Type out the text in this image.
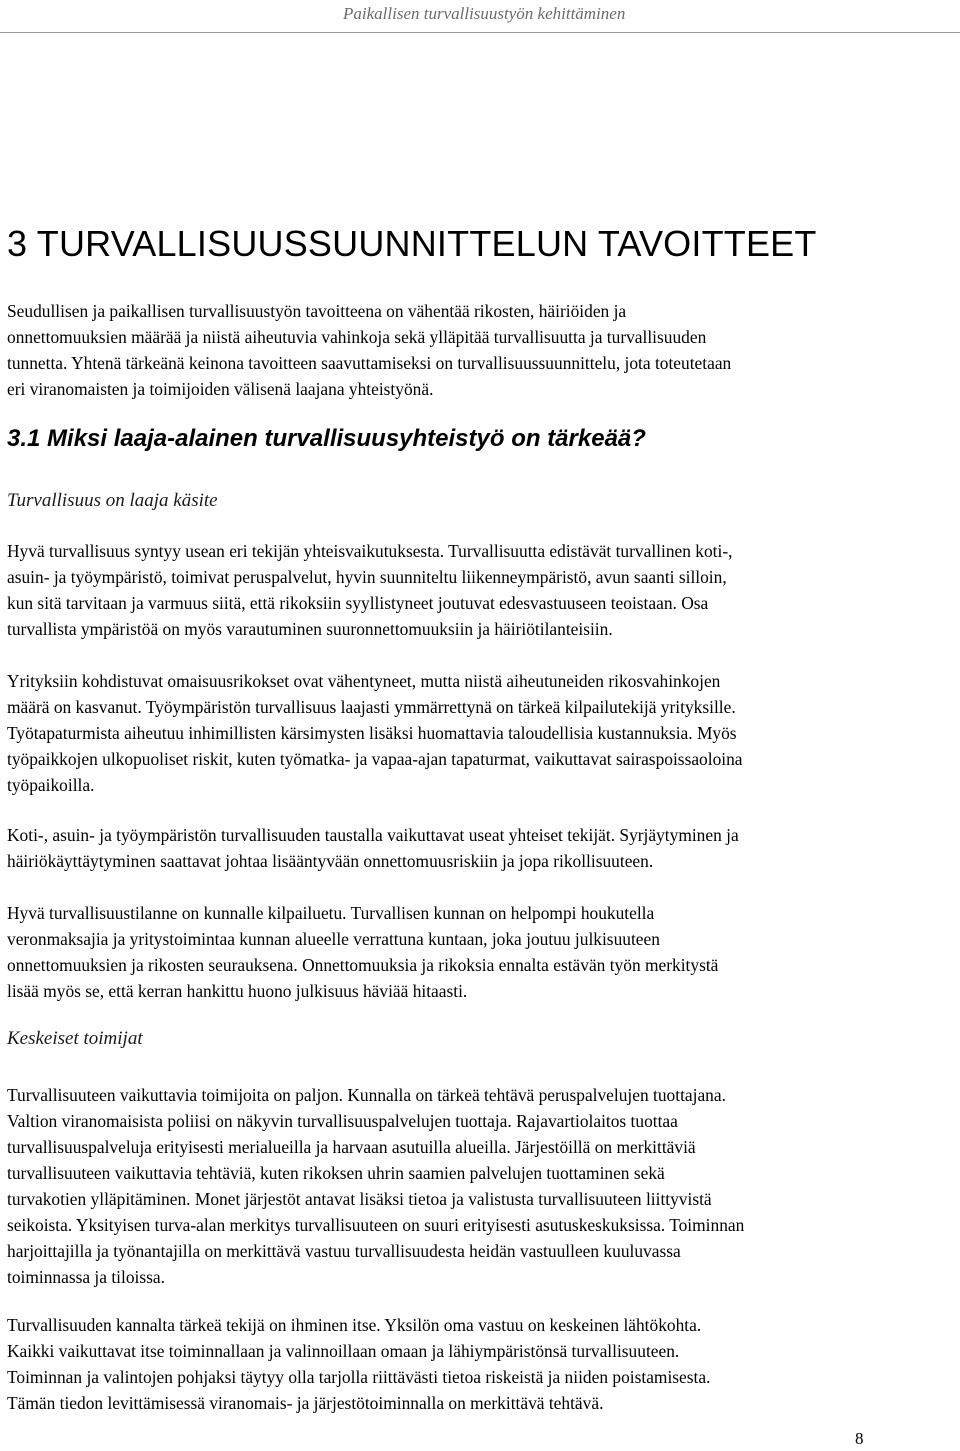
Paikallisen turvallisuustyön kehittäminen
3 TURVALLISUUSSUUNNITTELUN TAVOITTEET

Seudullisen ja paikallisen turvallisuustyön tavoitteena on vähentää rikosten, häiriöiden ja
onnettomuuksien määrää ja niistä aiheutuvia vahinkoja sekä ylläpitää turvallisuutta ja turvallisuuden
tunnetta. Yhtenä tärkeänä keinona tavoitteen saavuttamiseksi on turvallisuussuunnittelu, jota toteutetaan
eri viranomaisten ja toimijoiden välisenä laajana yhteistyönä.

3.1 Miksi laaja-alainen turvallisuusyhteistyö on tärkeää?
Turvallisuus on laaja käsite

Hyvä turvallisuus syntyy usean eri tekijän yhteisvaikutuksesta. Turvallisuutta edistävät turvallinen koti-,
asuin- ja työympäristö, toimivat peruspalvelut, hyvin suunniteltu liikenneympäristö, avun saanti silloin,
kun sitä tarvitaan ja varmuus siitä, että rikoksiin syyllistyneet joutuvat edesvastuuseen teoistaan. Osa
turvallista ympäristöä on myös varautuminen suuronnettomuuksiin ja häiriötilanteisiin.

Yrityksiin kohdistuvat omaisuusrikokset ovat vähentyneet, mutta niistä aiheutuneiden rikosvahinkojen
määrä on kasvanut. Työympäristön turvallisuus laajasti ymmärrettynä on tärkeä kilpailutekijä yrityksille.
Työtapaturmista aiheutuu inhimillisten kärsimysten lisäksi huomattavia taloudellisia kustannuksia. Myös
työpaikkojen ulkopuoliset riskit, kuten työmatka- ja vapaa-ajan tapaturmat, vaikuttavat sairaspoissaoloina
työpaikoilla.

Koti-, asuin- ja työympäristön turvallisuuden taustalla vaikuttavat useat yhteiset tekijät. Syrjäytyminen ja
häiriökäyttäytyminen saattavat johtaa lisääntyvään onnettomuusriskiin ja jopa rikollisuuteen.

Hyvä turvallisuustilanne on kunnalle kilpailuetu. Turvallisen kunnan on helpompi houkutella
veronmaksajia ja yritystoimintaa kunnan alueelle verrattuna kuntaan, joka joutuu julkisuuteen
onnettomuuksien ja rikosten seurauksena. Onnettomuuksia ja rikoksia ennalta estävän työn merkitystä
lisää myös se, että kerran hankittu huono julkisuus häviää hitaasti.

Keskeiset toimijat

Turvallisuuteen vaikuttavia toimijoita on paljon. Kunnalla on tärkeä tehtävä peruspalvelujen tuottajana.
Valtion viranomaisista poliisi on näkyvin turvallisuuspalvelujen tuottaja. Rajavartiolaitos tuottaa
turvallisuuspalveluja erityisesti merialueilla ja harvaan asutuilla alueilla. Järjestöillä on merkittäviä
turvallisuuteen vaikuttavia tehtäviä, kuten rikoksen uhrin saamien palvelujen tuottaminen sekä
turvakotien ylläpitäminen. Monet järjestöt antavat lisäksi tietoa ja valistusta turvallisuuteen liittyvistä
seikoista. Yksityisen turva-alan merkitys turvallisuuteen on suuri erityisesti asutuskeskuksissa. Toiminnan
harjoittajilla ja työnantajilla on merkittävä vastuu turvallisuudesta heidän vastuulleen kuuluvassa
toiminnassa ja tiloissa.

Turvallisuuden kannalta tärkeä tekijä on ihminen itse. Yksilön oma vastuu on keskeinen lähtökohta.
Kaikki vaikuttavat itse toiminnallaan ja valinnoillaan omaan ja lähiympäristönsä turvallisuuteen.
Toiminnan ja valintojen pohjaksi täytyy olla tarjolla riittävästi tietoa riskeistä ja niiden poistamisesta.
Tämän tiedon levittämisessä viranomais- ja järjestötoiminnalla on merkittävä tehtävä.

8
